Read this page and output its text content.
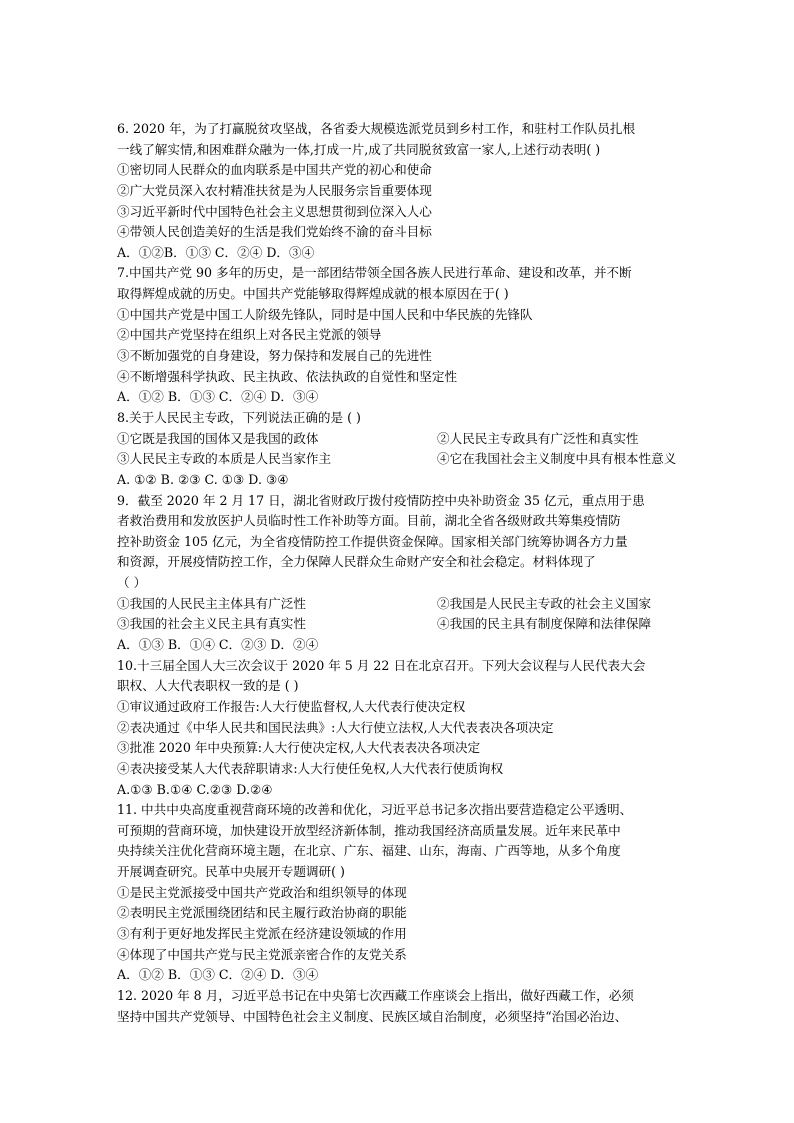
6. 2020 年，为了打赢脱贫攻坚战，各省委大规模选派党员到乡村工作，和驻村工作队员扎根
一线了解实情,和困难群众融为一体,打成一片,成了共同脱贫致富一家人,上述行动表明( )
①密切同人民群众的血肉联系是中国共产党的初心和使命
②广大党员深入农村精准扶贫是为人民服务宗旨重要体现
③习近平新时代中国特色社会主义思想贯彻到位深入人心
④带领人民创造美好的生活是我们党始终不渝的奋斗目标
A．①②B．①③ C．②④ D．③④
7.中国共产党 90 多年的历史，是一部团结带领全国各族人民进行革命、建设和改革，并不断
取得辉煌成就的历史。中国共产党能够取得辉煌成就的根本原因在于( )
①中国共产党是中国工人阶级先锋队，同时是中国人民和中华民族的先锋队
②中国共产党坚持在组织上对各民主党派的领导
③不断加强党的自身建设，努力保持和发展自己的先进性
④不断增强科学执政、民主执政、依法执政的自觉性和坚定性
A．①② B．①③ C．②④ D．③④
8.关于人民民主专政，下列说法正确的是 ( )
①它既是我国的国体又是我国的政体	②人民民主专政具有广泛性和真实性
③人民民主专政的本质是人民当家作主	④它在我国社会主义制度中具有根本性意义
A. ①② B. ②③ C. ①③ D. ③④
9．截至 2020 年 2 月 17 日，湖北省财政厅拨付疫情防控中央补助资金 35 亿元，重点用于患
者救治费用和发放医护人员临时性工作补助等方面。目前，湖北全省各级财政共筹集疫情防
控补助资金 105 亿元，为全省疫情防控工作提供资金保障。国家相关部门统筹协调各方力量
和资源，开展疫情防控工作，全力保障人民群众生命财产安全和社会稳定。材料体现了
（ ）
①我国的人民民主主体具有广泛性	②我国是人民民主专政的社会主义国家
③我国的社会主义民主具有真实性	④我国的民主具有制度保障和法律保障
A．①③ B．①④ C．②③ D．②④
10.十三届全国人大三次会议于 2020 年 5 月 22 日在北京召开。下列大会议程与人民代表大会
职权、人大代表职权一致的是 ( )
①审议通过政府工作报告:人大行使监督权,人大代表行使决定权
②表决通过《中华人民共和国民法典》:人大行使立法权,人大代表表决各项决定
③批准 2020 年中央预算:人大行使决定权,人大代表表决各项决定
④表决接受某人大代表辞职请求:人大行使任免权,人大代表行使质询权
A.①③ B.①④ C.②③ D.②④
11. 中共中央高度重视营商环境的改善和优化，习近平总书记多次指出要营造稳定公平透明、
可预期的营商环境，加快建设开放型经济新体制，推动我国经济高质量发展。近年来民革中
央持续关注优化营商环境主题，在北京、广东、福建、山东，海南、广西等地，从多个角度
开展调查研究。民革中央展开专题调研( )
①是民主党派接受中国共产党政治和组织领导的体现
②表明民主党派围绕团结和民主履行政治协商的职能
③有利于更好地发挥民主党派在经济建设领域的作用
④体现了中国共产党与民主党派亲密合作的友党关系
A．①② B．①③ C．②④ D．③④
12. 2020 年 8 月，习近平总书记在中央第七次西藏工作座谈会上指出，做好西藏工作，必须
坚持中国共产党领导、中国特色社会主义制度、民族区域自治制度，必须坚持“治国必治边、
